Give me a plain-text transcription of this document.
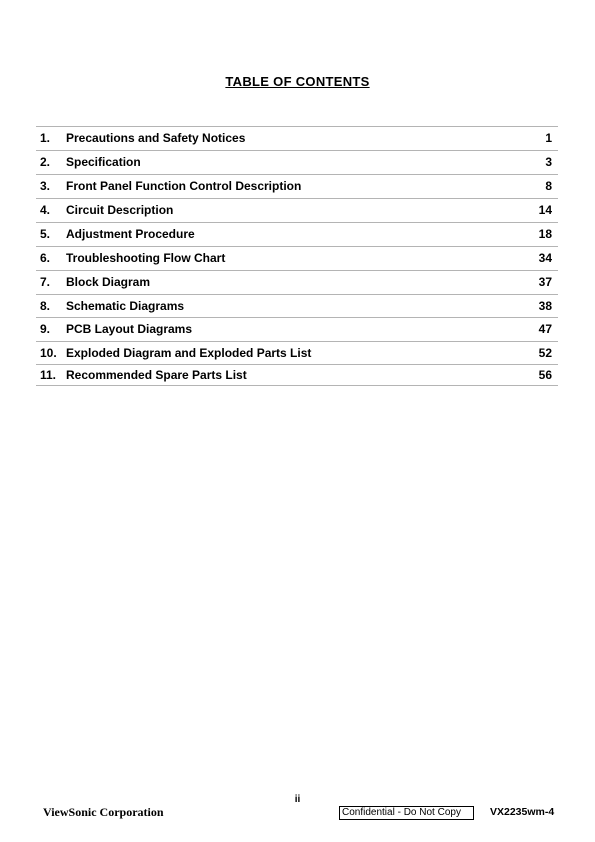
TABLE OF CONTENTS
1. Precautions and Safety Notices	1
2. Specification	3
3. Front Panel Function Control Description	8
4. Circuit Description	14
5. Adjustment Procedure	18
6. Troubleshooting Flow Chart	34
7. Block Diagram	37
8. Schematic Diagrams	38
9. PCB Layout Diagrams	47
10. Exploded Diagram and Exploded Parts List	52
11. Recommended Spare Parts List	56
ii
ViewSonic Corporation	Confidential - Do Not Copy	VX2235wm-4
